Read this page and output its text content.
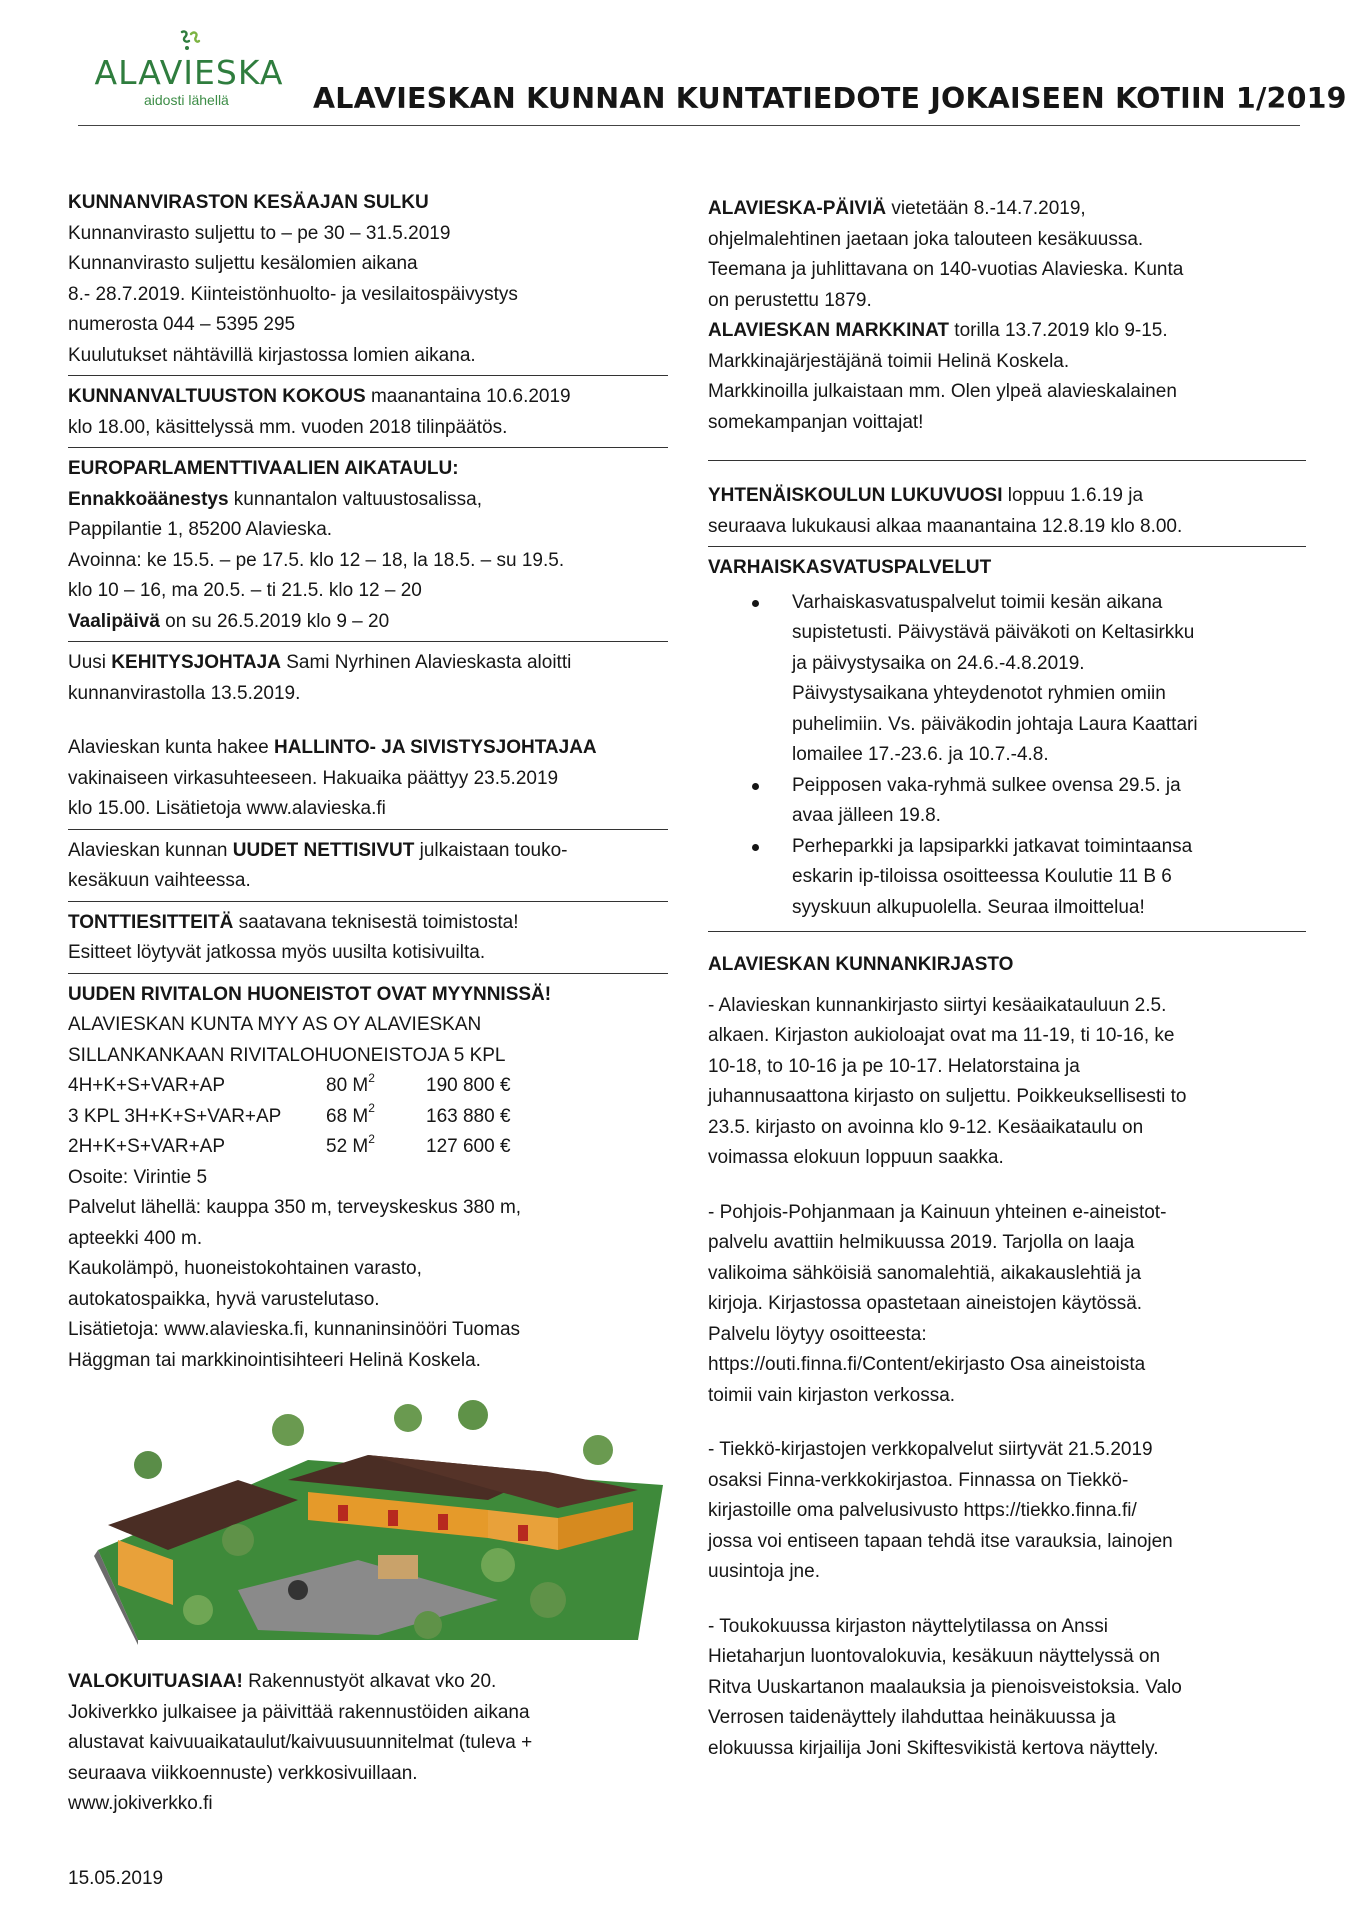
ALAVIESKA
aidosti lähellä	ALAVIESKAN KUNNAN KUNTATIEDOTE JOKAISEEN KOTIIN 1/2019
KUNNANVIRASTON KESÄAJAN SULKU
Kunnanvirasto suljettu to – pe 30 – 31.5.2019
Kunnanvirasto suljettu kesälomien aikana
8.- 28.7.2019. Kiinteistönhuolto- ja vesilaitospäivystys
numerosta 044 – 5395 295
Kuulutukset nähtävillä kirjastossa lomien aikana.
KUNNANVALTUUSTON KOKOUS maanantaina 10.6.2019
klo 18.00, käsittelyssä mm. vuoden 2018 tilinpäätös.
EUROPARLAMENTTIVAALIEN AIKATAULU:
Ennakkoäänestys kunnantalon valtuustosalissa,
Pappilantie 1, 85200 Alavieska.
Avoinna: ke 15.5. – pe 17.5. klo 12 – 18, la 18.5. – su 19.5.
klo 10 – 16, ma 20.5. – ti 21.5. klo 12 – 20
Vaalipäivä on su 26.5.2019 klo 9 – 20
Uusi KEHITYSJOHTAJA Sami Nyrhinen Alavieskasta aloitti
kunnanvirastolla 13.5.2019.
Alavieskan kunta hakee HALLINTO- JA SIVISTYSJOHTAJAA
vakinaiseen virkasuhteeseen. Hakuaika päättyy 23.5.2019
klo 15.00. Lisätietoja www.alavieska.fi
Alavieskan kunnan UUDET NETTISIVUT julkaistaan touko-
kesäkuun vaihteessa.
TONTTIESITTEITÄ saatavana teknisestä toimistosta!
Esitteet löytyvät jatkossa myös uusilta kotisivuilta.
UUDEN RIVITALON HUONEISTOT OVAT MYYNNISSÄ!
ALAVIESKAN KUNTA MYY AS OY ALAVIESKAN
SILLANKANKAAN RIVITALOHUONEISTOJA 5 KPL
4H+K+S+VAR+AP	80 $M^2$	190 800 €
3 KPL 3H+K+S+VAR+AP	68 $M^2$	163 880 €
2H+K+S+VAR+AP	52 $M^2$	127 600 €
Osoite: Virintie 5
Palvelut lähellä: kauppa 350 m, terveyskeskus 380 m,
apteekki 400 m.
Kaukolämpö, huoneistokohtainen varasto,
autokatospaikka, hyvä varustelutaso.
Lisätietoja: www.alavieska.fi, kunnaninsinööri Tuomas
Häggman tai markkinointisihteeri Helinä Koskela.
VALOKUITUASIAA! Rakennustyöt alkavat vko 20.
Jokiverkko julkaisee ja päivittää rakennustöiden aikana
alustavat kaivuuaikataulut/kaivuusuunnitelmat (tuleva +
seuraava viikkoennuste) verkkosivuillaan.
www.jokiverkko.fi
ALAVIESKA-PÄIVIÄ vietetään 8.-14.7.2019,
ohjelmalehtinen jaetaan joka talouteen kesäkuussa.
Teemana ja juhlittavana on 140-vuotias Alavieska. Kunta
on perustettu 1879.
ALAVIESKAN MARKKINAT torilla 13.7.2019 klo 9-15.
Markkinajärjestäjänä toimii Helinä Koskela.
Markkinoilla julkaistaan mm. Olen ylpeä alavieskalainen
somekampanjan voittajat!
YHTENÄISKOULUN LUKUVUOSI loppuu 1.6.19 ja
seuraava lukukausi alkaa maanantaina 12.8.19 klo 8.00.
VARHAISKASVATUSPALVELUT
Varhaiskasvatuspalvelut toimii kesän aikana
supistetusti. Päivystävä päiväkoti on Keltasirkku
ja päivystysaika on 24.6.-4.8.2019.
Päivystysaikana yhteydenotot ryhmien omiin
puhelimiin. Vs. päiväkodin johtaja Laura Kaattari
lomailee 17.-23.6. ja 10.7.-4.8.
Peipposen vaka-ryhmä sulkee ovensa 29.5. ja
avaa jälleen 19.8.
Perheparkki ja lapsiparkki jatkavat toimintaansa
eskarin ip-tiloissa osoitteessa Koulutie 11 B 6
syyskuun alkupuolella. Seuraa ilmoittelua!
ALAVIESKAN KUNNANKIRJASTO
- Alavieskan kunnankirjasto siirtyi kesäaikatauluun 2.5.
alkaen. Kirjaston aukioloajat ovat ma 11-19, ti 10-16, ke
10-18, to 10-16 ja pe 10-17. Helatorstaina ja
juhannusaattona kirjasto on suljettu. Poikkeuksellisesti to
23.5. kirjasto on avoinna klo 9-12. Kesäaikataulu on
voimassa elokuun loppuun saakka.
- Pohjois-Pohjanmaan ja Kainuun yhteinen e-aineistot-
palvelu avattiin helmikuussa 2019. Tarjolla on laaja
valikoima sähköisiä sanomalehtiä, aikakauslehtiä ja
kirjoja. Kirjastossa opastetaan aineistojen käytössä.
Palvelu löytyy osoitteesta:
https://outi.finna.fi/Content/ekirjasto Osa aineistoista
toimii vain kirjaston verkossa.
- Tiekkö-kirjastojen verkkopalvelut siirtyvät 21.5.2019
osaksi Finna-verkkokirjastoa. Finnassa on Tiekkö-
kirjastoille oma palvelusivusto https://tiekko.finna.fi/
jossa voi entiseen tapaan tehdä itse varauksia, lainojen
uusintoja jne.
- Toukokuussa kirjaston näyttelytilassa on Anssi
Hietaharjun luontovalokuvia, kesäkuun näyttelyssä on
Ritva Uuskartanon maalauksia ja pienoisveistoksia. Valo
Verrosen taidenäyttely ilahduttaa heinäkuussa ja
elokuussa kirjailija Joni Skiftesvikistä kertova näyttely.
15.05.2019
